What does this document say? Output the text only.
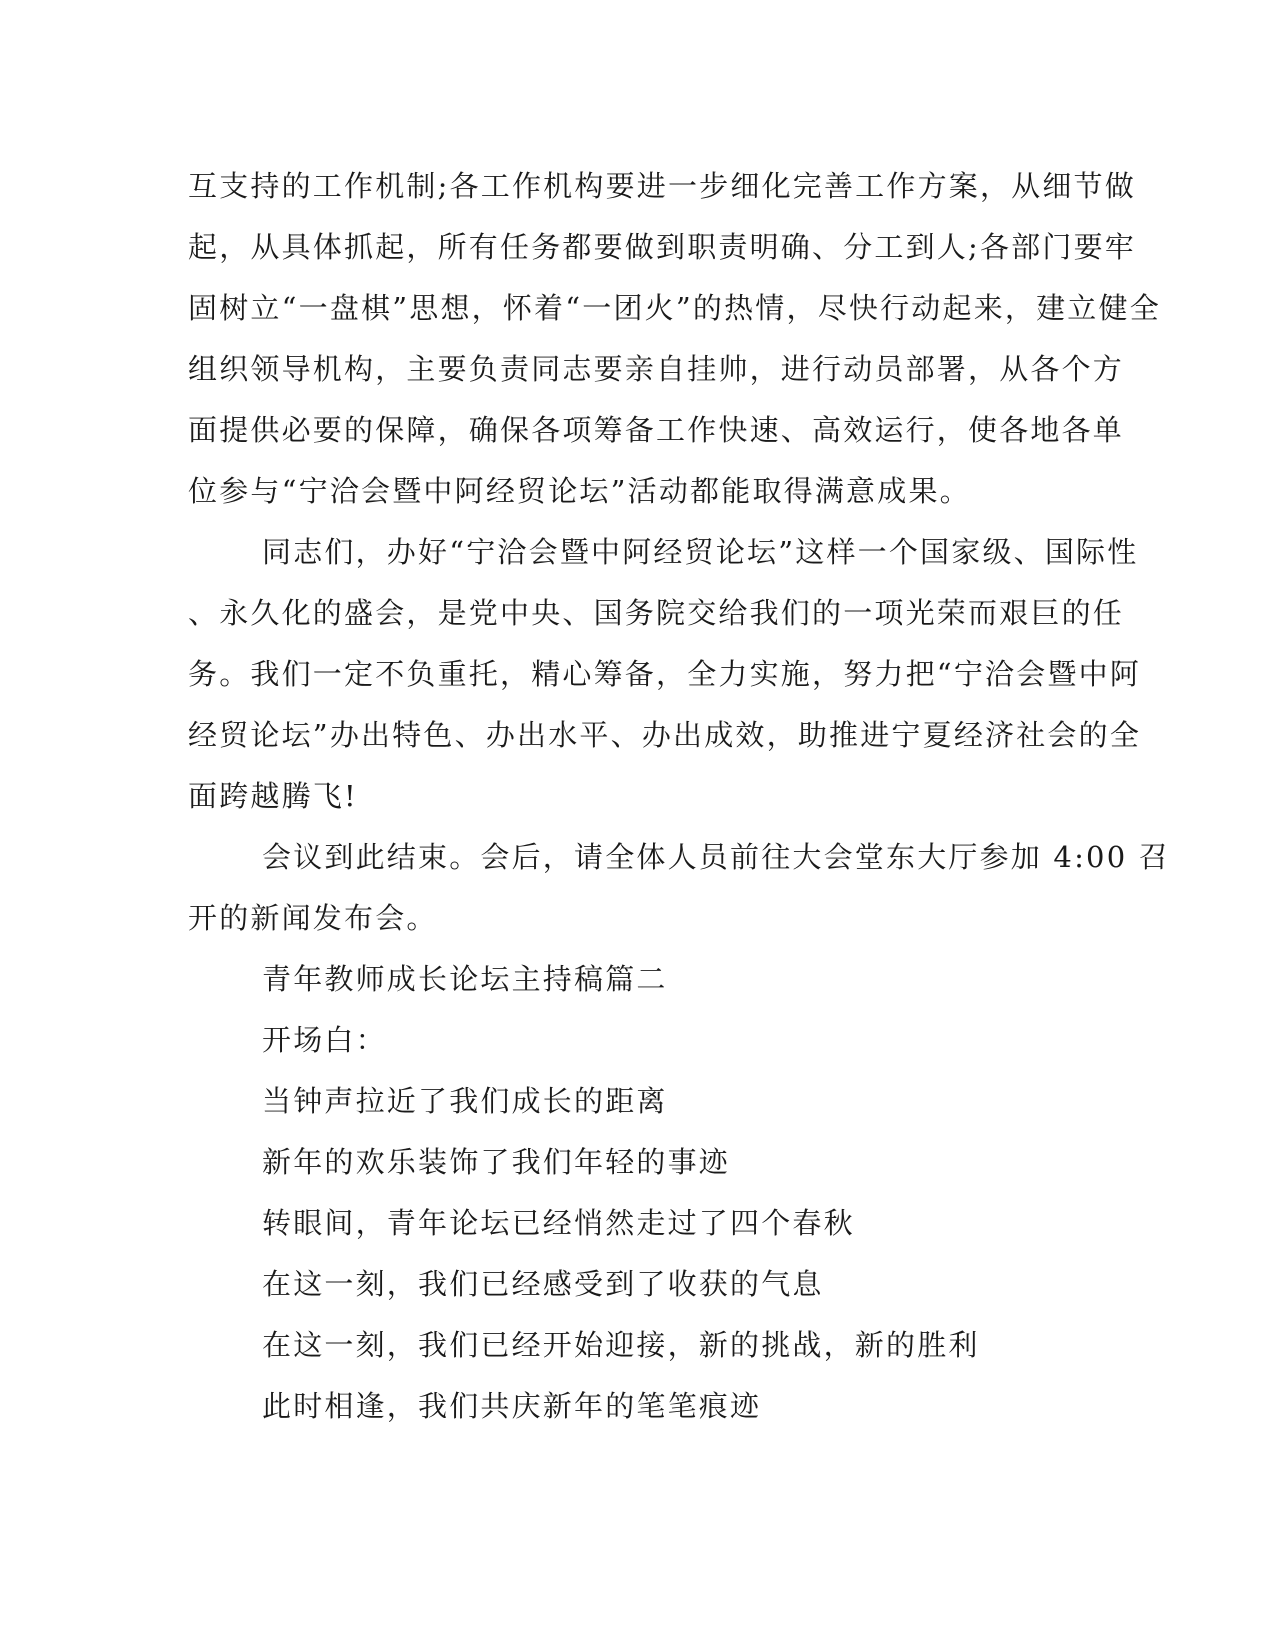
互支持的工作机制;各工作机构要进一步细化完善工作方案，从细节做
起，从具体抓起，所有任务都要做到职责明确、分工到人;各部门要牢
固树立“一盘棋”思想，怀着“一团火”的热情，尽快行动起来，建立健全
组织领导机构，主要负责同志要亲自挂帅，进行动员部署，从各个方
面提供必要的保障，确保各项筹备工作快速、高效运行，使各地各单
位参与“宁洽会暨中阿经贸论坛”活动都能取得满意成果。

同志们，办好“宁洽会暨中阿经贸论坛”这样一个国家级、国际性
、永久化的盛会，是党中央、国务院交给我们的一项光荣而艰巨的任
务。我们一定不负重托，精心筹备，全力实施，努力把“宁洽会暨中阿
经贸论坛”办出特色、办出水平、办出成效，助推进宁夏经济社会的全
面跨越腾飞!

会议到此结束。会后，请全体人员前往大会堂东大厅参加 4:00 召
开的新闻发布会。

青年教师成长论坛主持稿篇二

开场白：

当钟声拉近了我们成长的距离

新年的欢乐装饰了我们年轻的事迹

转眼间，青年论坛已经悄然走过了四个春秋

在这一刻，我们已经感受到了收获的气息

在这一刻，我们已经开始迎接，新的挑战，新的胜利

此时相逢，我们共庆新年的笔笔痕迹
